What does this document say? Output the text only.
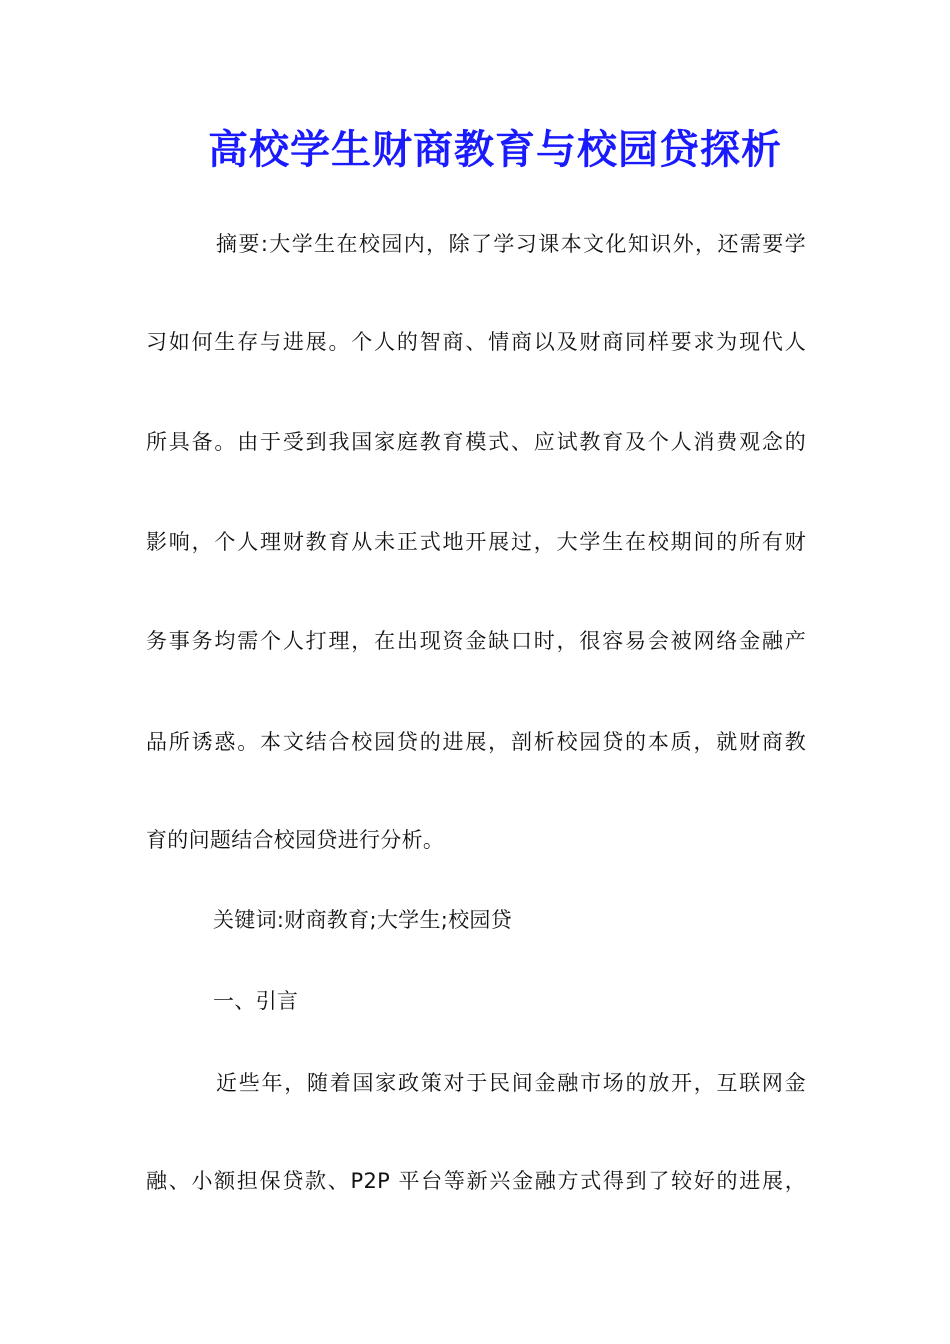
高校学生财商教育与校园贷探析
摘要:大学生在校园内，除了学习课本文化知识外，还需要学
习如何生存与进展。个人的智商、情商以及财商同样要求为现代人
所具备。由于受到我国家庭教育模式、应试教育及个人消费观念的
影响，个人理财教育从未正式地开展过，大学生在校期间的所有财
务事务均需个人打理，在出现资金缺口时，很容易会被网络金融产
品所诱惑。本文结合校园贷的进展，剖析校园贷的本质，就财商教
育的问题结合校园贷进行分析。
关键词:财商教育;大学生;校园贷
一、引言
近些年，随着国家政策对于民间金融市场的放开，互联网金
融、小额担保贷款、P2P 平台等新兴金融方式得到了较好的进展，
